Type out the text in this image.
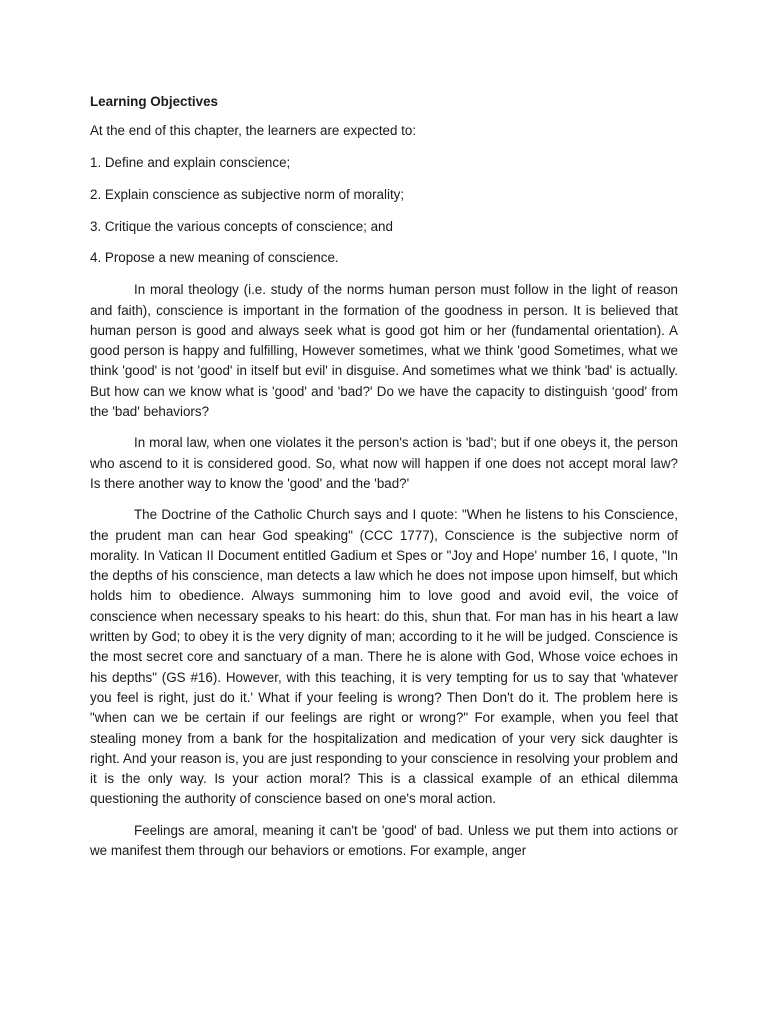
Learning Objectives

At the end of this chapter, the learners are expected to:

1. Define and explain conscience;

2. Explain conscience as subjective norm of morality;

3. Critique the various concepts of conscience; and

4. Propose a new meaning of conscience.

In moral theology (i.e. study of the norms human person must follow in the light of reason and faith), conscience is important in the formation of the goodness in person. It is believed that human person is good and always seek what is good got him or her (fundamental orientation). A good person is happy and fulfilling, However sometimes, what we think 'good Sometimes, what we think 'good' is not 'good' in itself but evil' in disguise. And sometimes what we think 'bad' is actually. But how can we know what is 'good' and 'bad?' Do we have the capacity to distinguish ‘good' from the 'bad' behaviors?

In moral law, when one violates it the person's action is 'bad'; but if one obeys it, the person who ascend to it is considered good. So, what now will happen if one does not accept moral law? Is there another way to know the 'good' and the 'bad?'

The Doctrine of the Catholic Church says and I quote: "When he listens to his Conscience, the prudent man can hear God speaking" (CCC 1777), Conscience is the subjective norm of morality. In Vatican II Document entitled Gadium et Spes or "Joy and Hope' number 16, I quote, "In the depths of his conscience, man detects a law which he does not impose upon himself, but which holds him to obedience. Always summoning him to love good and avoid evil, the voice of conscience when necessary speaks to his heart: do this, shun that. For man has in his heart a law written by God; to obey it is the very dignity of man; according to it he will be judged. Conscience is the most secret core and sanctuary of a man. There he is alone with God, Whose voice echoes in his depths" (GS #16). However, with this teaching, it is very tempting for us to say that 'whatever you feel is right, just do it.' What if your feeling is wrong? Then Don't do it. The problem here is "when can we be certain if our feelings are right or wrong?" For example, when you feel that stealing money from a bank for the hospitalization and medication of your very sick daughter is right. And your reason is, you are just responding to your conscience in resolving your problem and it is the only way. Is your action moral? This is a classical example of an ethical dilemma questioning the authority of conscience based on one's moral action.

Feelings are amoral, meaning it can't be 'good' of bad. Unless we put them into actions or we manifest them through our behaviors or emotions. For example, anger
